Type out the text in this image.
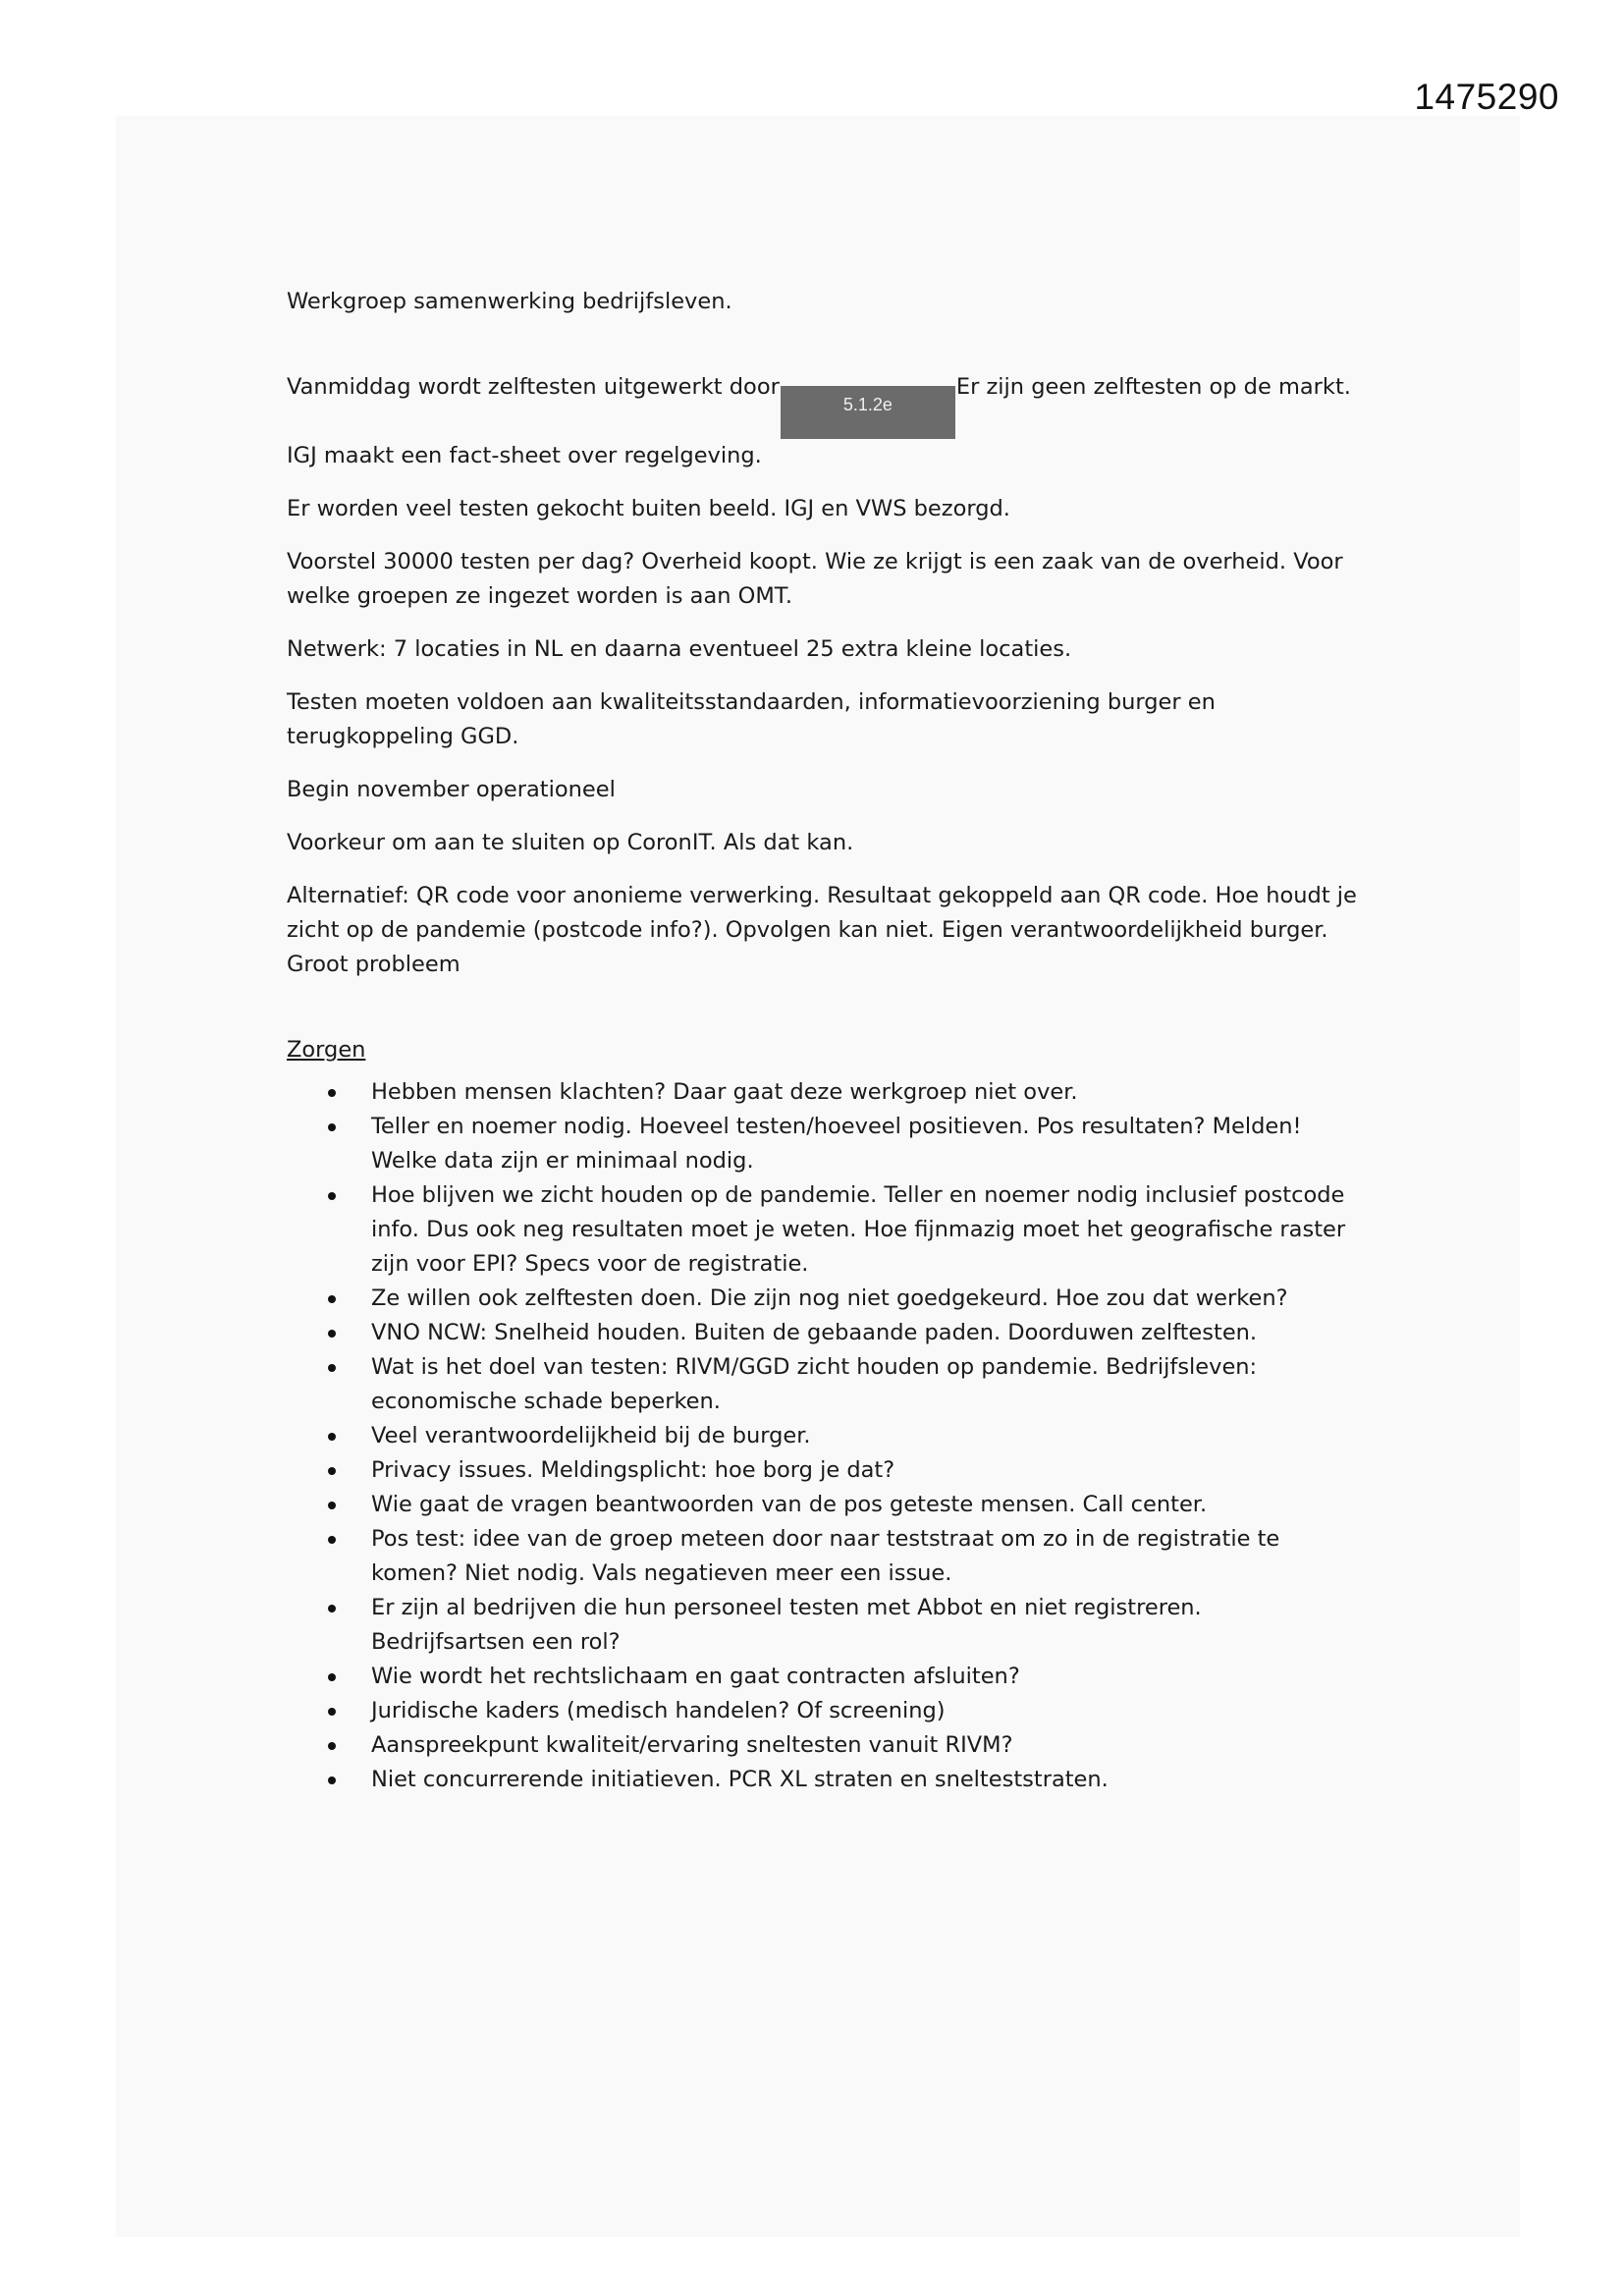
1475290

Werkgroep samenwerking bedrijfsleven.

Vanmiddag wordt zelftesten uitgewerkt door5.1.2eEr zijn geen zelftesten op de markt. IGJ maakt een fact-sheet over regelgeving.

Er worden veel testen gekocht buiten beeld. IGJ en VWS bezorgd.

Voorstel 30000 testen per dag? Overheid koopt. Wie ze krijgt is een zaak van de overheid. Voor welke groepen ze ingezet worden is aan OMT.

Netwerk: 7 locaties in NL en daarna eventueel 25 extra kleine locaties.

Testen moeten voldoen aan kwaliteitsstandaarden, informatievoorziening burger en terugkoppeling GGD.

Begin november operationeel

Voorkeur om aan te sluiten op CoronIT. Als dat kan.

Alternatief: QR code voor anonieme verwerking. Resultaat gekoppeld aan QR code. Hoe houdt je zicht op de pandemie (postcode info?). Opvolgen kan niet. Eigen verantwoordelijkheid burger. Groot probleem

Zorgen

Hebben mensen klachten? Daar gaat deze werkgroep niet over.
Teller en noemer nodig. Hoeveel testen/hoeveel positieven. Pos resultaten? Melden! Welke data zijn er minimaal nodig.
Hoe blijven we zicht houden op de pandemie. Teller en noemer nodig inclusief postcode info. Dus ook neg resultaten moet je weten. Hoe fijnmazig moet het geografische raster zijn voor EPI? Specs voor de registratie.
Ze willen ook zelftesten doen. Die zijn nog niet goedgekeurd. Hoe zou dat werken?
VNO NCW: Snelheid houden. Buiten de gebaande paden. Doorduwen zelftesten.
Wat is het doel van testen: RIVM/GGD zicht houden op pandemie. Bedrijfsleven: economische schade beperken.
Veel verantwoordelijkheid bij de burger.
Privacy issues. Meldingsplicht: hoe borg je dat?
Wie gaat de vragen beantwoorden van de pos geteste mensen. Call center.
Pos test: idee van de groep meteen door naar teststraat om zo in de registratie te komen? Niet nodig. Vals negatieven meer een issue.
Er zijn al bedrijven die hun personeel testen met Abbot en niet registreren. Bedrijfsartsen een rol?
Wie wordt het rechtslichaam en gaat contracten afsluiten?
Juridische kaders (medisch handelen? Of screening)
Aanspreekpunt kwaliteit/ervaring sneltesten vanuit RIVM?
Niet concurrerende initiatieven. PCR XL straten en snelteststraten.
